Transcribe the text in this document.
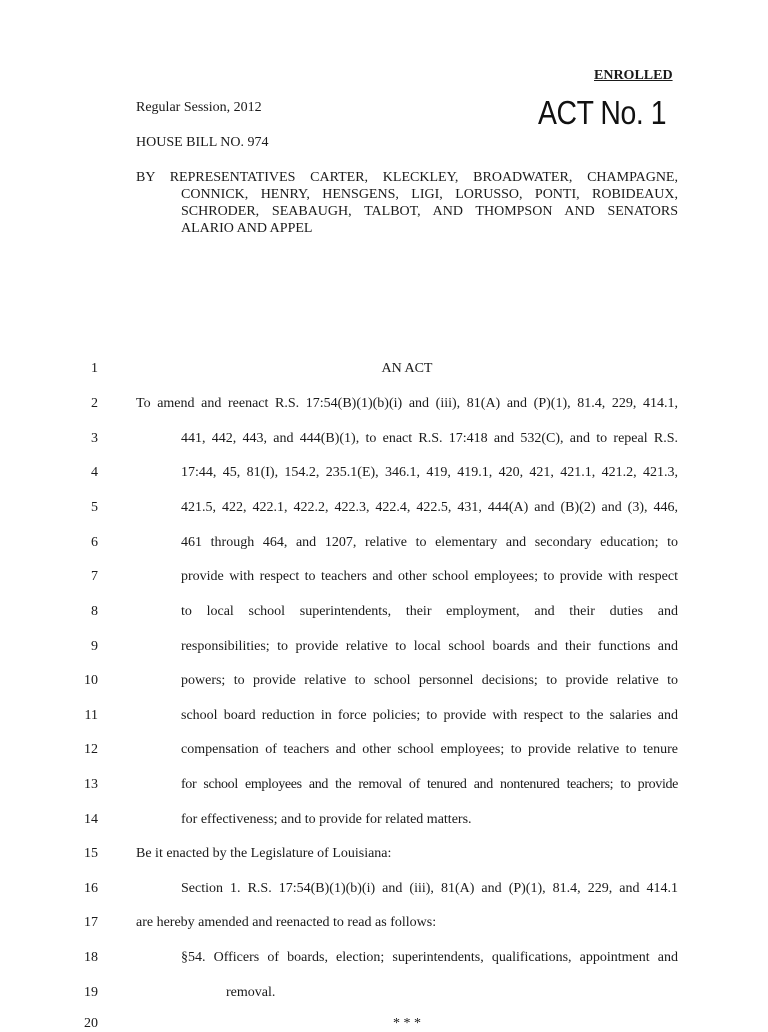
ENROLLED
Regular Session, 2012	ACT No. 1
HOUSE BILL NO. 974
BY REPRESENTATIVES CARTER, KLECKLEY, BROADWATER, CHAMPAGNE,
CONNICK, HENRY, HENSGENS, LIGI, LORUSSO, PONTI, ROBIDEAUX,
SCHRODER, SEABAUGH, TALBOT, AND THOMPSON AND SENATORS
ALARIO AND APPEL
1	AN ACT
2	To amend and reenact R.S. 17:54(B)(1)(b)(i) and (iii), 81(A) and (P)(1), 81.4, 229, 414.1,
3	441, 442, 443, and 444(B)(1), to enact R.S. 17:418 and 532(C), and to repeal R.S.
4	17:44, 45, 81(I), 154.2, 235.1(E), 346.1, 419, 419.1, 420, 421, 421.1, 421.2, 421.3,
5	421.5, 422, 422.1, 422.2, 422.3, 422.4, 422.5, 431, 444(A) and (B)(2) and (3), 446,
6	461 through 464, and 1207, relative to elementary and secondary education; to
7	provide with respect to teachers and other school employees; to provide with respect
8	to local school superintendents, their employment, and their duties and
9	responsibilities; to provide relative to local school boards and their functions and
10	powers; to provide relative to school personnel decisions; to provide relative to
11	school board reduction in force policies; to provide with respect to the salaries and
12	compensation of teachers and other school employees; to provide relative to tenure
13	for school employees and the removal of tenured and nontenured teachers; to provide
14	for effectiveness; and to provide for related matters.
15	Be it enacted by the Legislature of Louisiana:
16	Section 1. R.S. 17:54(B)(1)(b)(i) and (iii), 81(A) and (P)(1), 81.4, 229, and 414.1
17	are hereby amended and reenacted to read as follows:
18	§54. Officers of boards, election; superintendents, qualifications, appointment and
19	removal.
20	* * *
